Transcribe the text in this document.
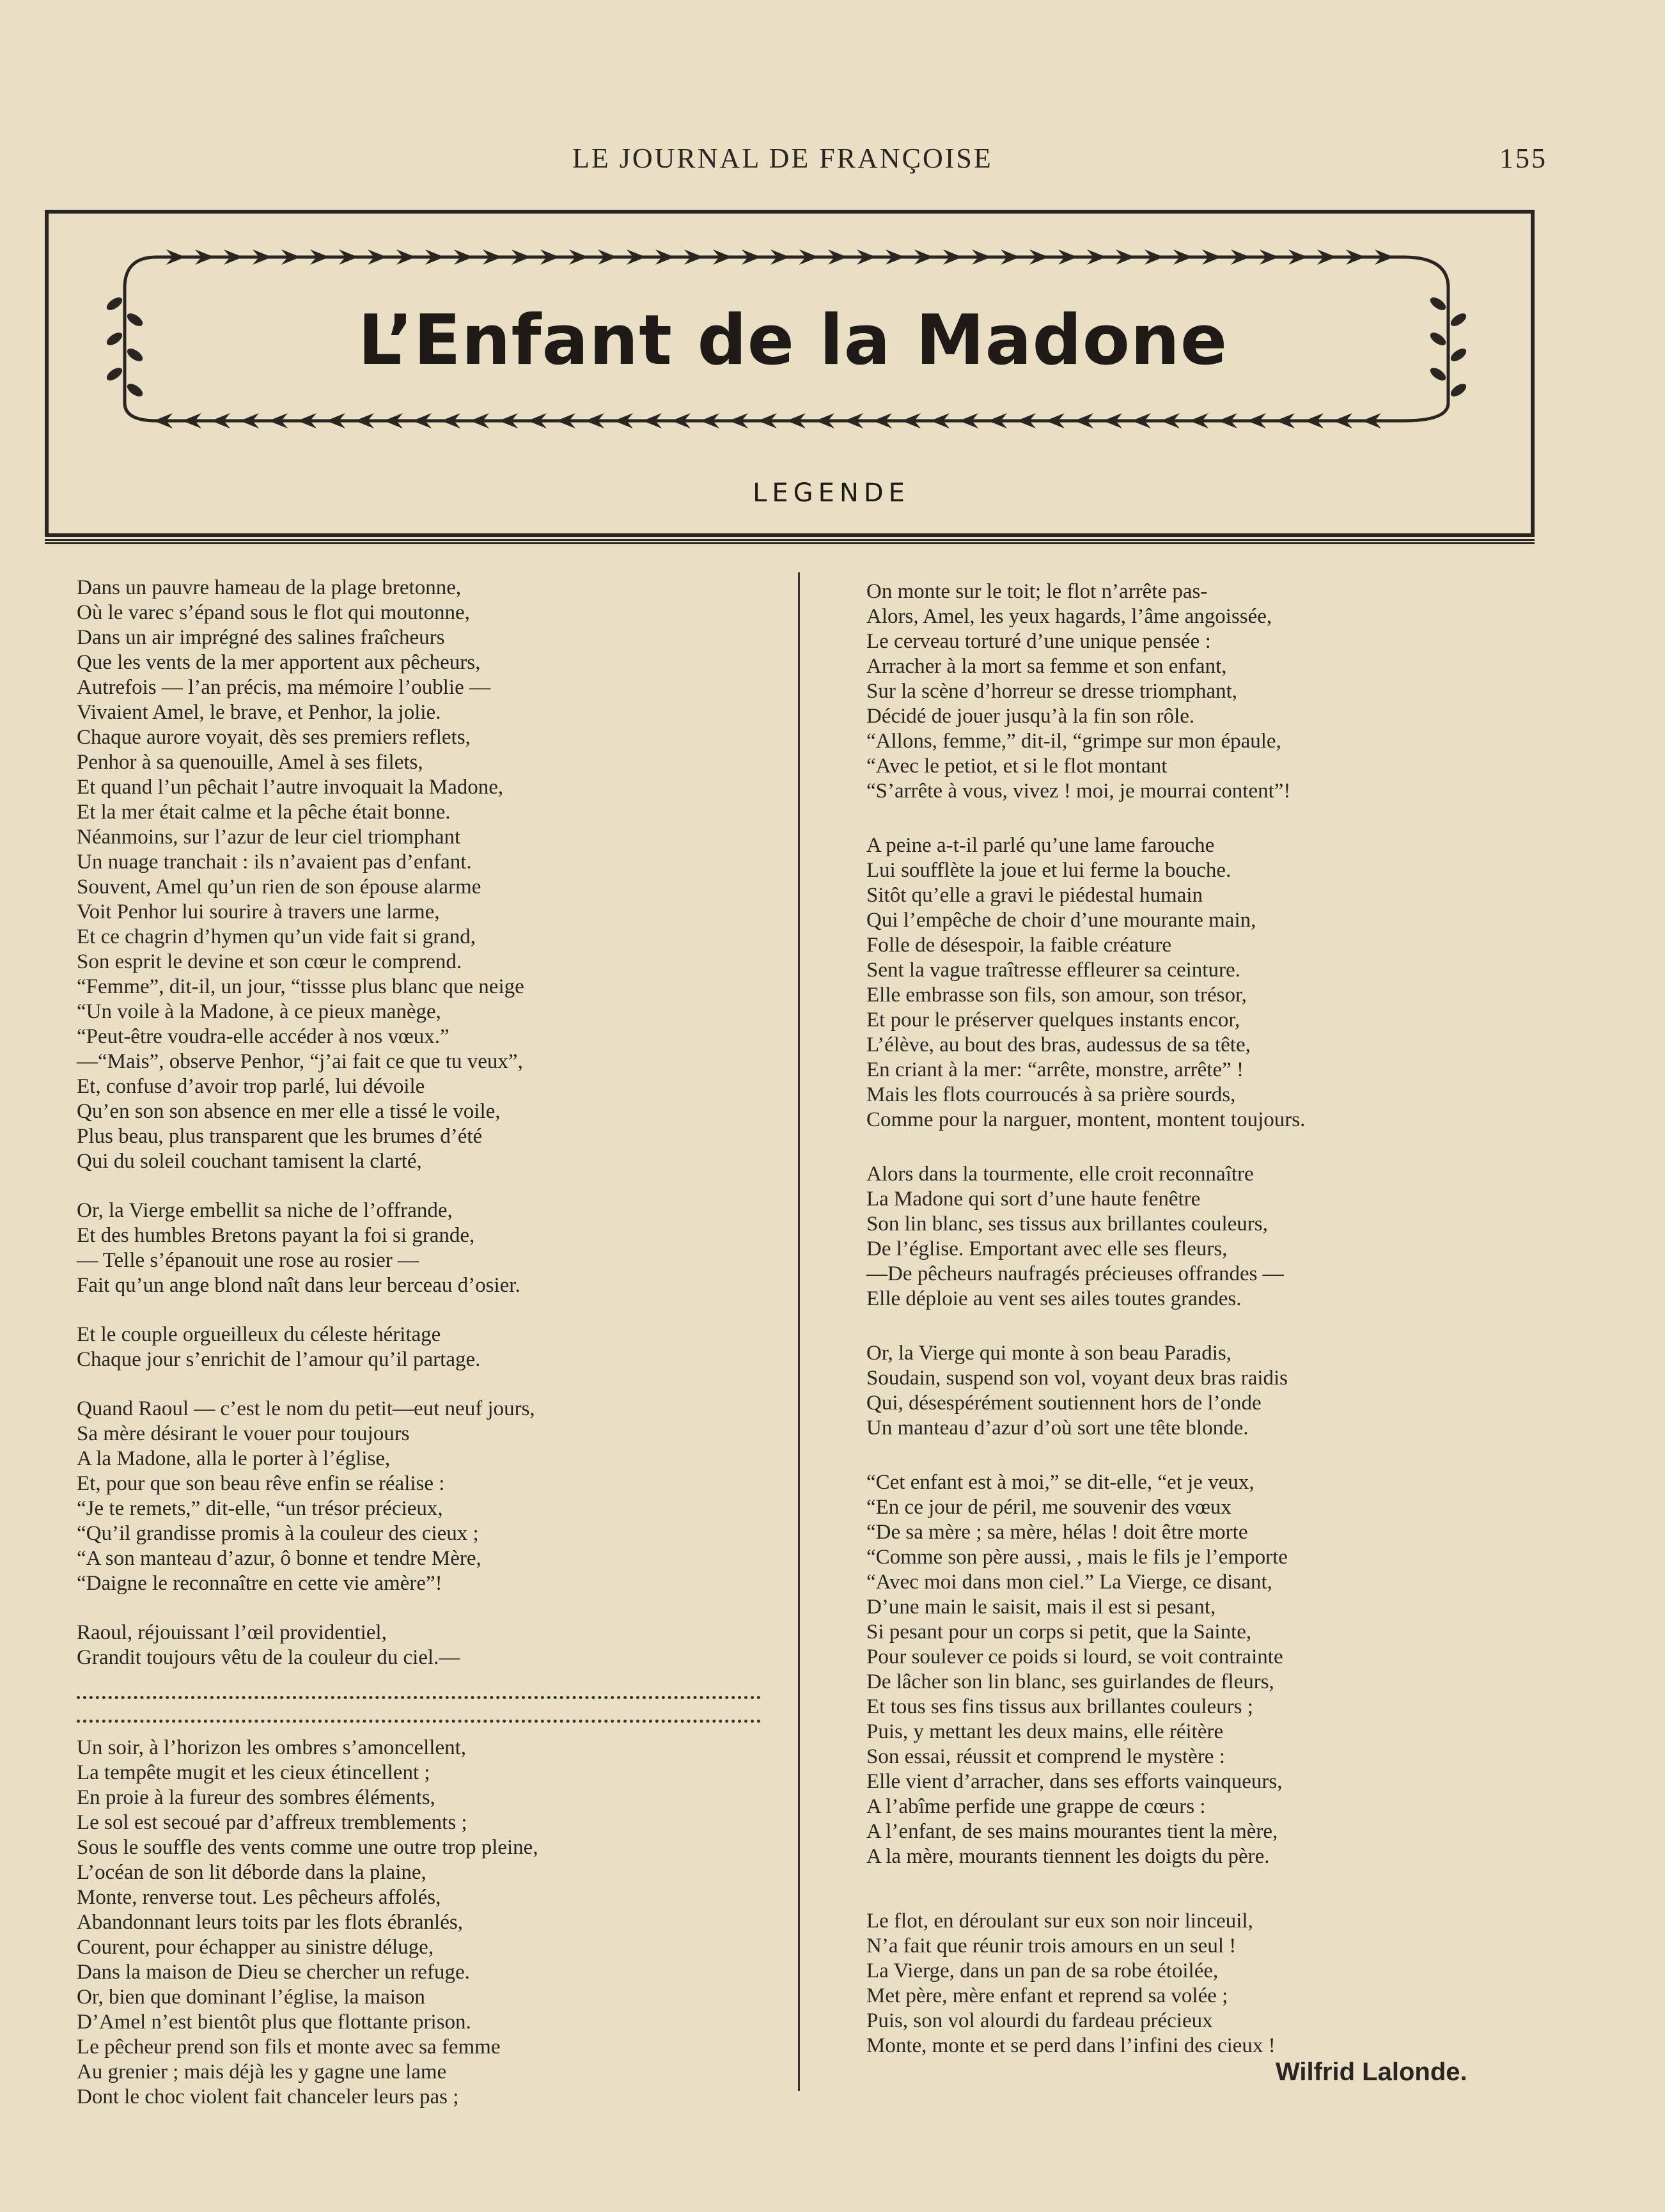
LE JOURNAL DE FRANÇOISE	155
L’Enfant de la Madone
LEGENDE
Dans un pauvre hameau de la plage bretonne,
Où le varec s’épand sous le flot qui moutonne,
Dans un air imprégné des salines fraîcheurs
Que les vents de la mer apportent aux pêcheurs,
Autrefois — l’an précis, ma mémoire l’oublie —
Vivaient Amel, le brave, et Penhor, la jolie.
Chaque aurore voyait, dès ses premiers reflets,
Penhor à sa quenouille, Amel à ses filets,
Et quand l’un pêchait l’autre invoquait la Madone,
Et la mer était calme et la pêche était bonne.
Néanmoins, sur l’azur de leur ciel triomphant
Un nuage tranchait : ils n’avaient pas d’enfant.
Souvent, Amel qu’un rien de son épouse alarme
Voit Penhor lui sourire à travers une larme,
Et ce chagrin d’hymen qu’un vide fait si grand,
Son esprit le devine et son cœur le comprend.
“Femme”, dit-il, un jour, “tissse plus blanc que neige
“Un voile à la Madone, à ce pieux manège,
“Peut-être voudra-elle accéder à nos vœux.”
—“Mais”, observe Penhor, “j’ai fait ce que tu veux”,
Et, confuse d’avoir trop parlé, lui dévoile
Qu’en son son absence en mer elle a tissé le voile,
Plus beau, plus transparent que les brumes d’été
Qui du soleil couchant tamisent la clarté,
Or, la Vierge embellit sa niche de l’offrande,
Et des humbles Bretons payant la foi si grande,
— Telle s’épanouit une rose au rosier —
Fait qu’un ange blond naît dans leur berceau d’osier.
Et le couple orgueilleux du céleste héritage
Chaque jour s’enrichit de l’amour qu’il partage.
Quand Raoul — c’est le nom du petit—eut neuf jours,
Sa mère désirant le vouer pour toujours
A la Madone, alla le porter à l’église,
Et, pour que son beau rêve enfin se réalise :
“Je te remets,” dit-elle, “un trésor précieux,
“Qu’il grandisse promis à la couleur des cieux ;
“A son manteau d’azur, ô bonne et tendre Mère,
“Daigne le reconnaître en cette vie amère”!
Raoul, réjouissant l’œil providentiel,
Grandit toujours vêtu de la couleur du ciel.—
Un soir, à l’horizon les ombres s’amoncellent,
La tempête mugit et les cieux étincellent ;
En proie à la fureur des sombres éléments,
Le sol est secoué par d’affreux tremblements ;
Sous le souffle des vents comme une outre trop pleine,
L’océan de son lit déborde dans la plaine,
Monte, renverse tout. Les pêcheurs affolés,
Abandonnant leurs toits par les flots ébranlés,
Courent, pour échapper au sinistre déluge,
Dans la maison de Dieu se chercher un refuge.
Or, bien que dominant l’église, la maison
D’Amel n’est bientôt plus que flottante prison.
Le pêcheur prend son fils et monte avec sa femme
Au grenier ; mais déjà les y gagne une lame
Dont le choc violent fait chanceler leurs pas ;
On monte sur le toit; le flot n’arrête pas-
Alors, Amel, les yeux hagards, l’âme angoissée,
Le cerveau torturé d’une unique pensée :
Arracher à la mort sa femme et son enfant,
Sur la scène d’horreur se dresse triomphant,
Décidé de jouer jusqu’à la fin son rôle.
“Allons, femme,” dit-il, “grimpe sur mon épaule,
“Avec le petiot, et si le flot montant
“S’arrête à vous, vivez ! moi, je mourrai content”!
A peine a-t-il parlé qu’une lame farouche
Lui soufflète la joue et lui ferme la bouche.
Sitôt qu’elle a gravi le piédestal humain
Qui l’empêche de choir d’une mourante main,
Folle de désespoir, la faible créature
Sent la vague traîtresse effleurer sa ceinture.
Elle embrasse son fils, son amour, son trésor,
Et pour le préserver quelques instants encor,
L’élève, au bout des bras, audessus de sa tête,
En criant à la mer: “arrête, monstre, arrête” !
Mais les flots courroucés à sa prière sourds,
Comme pour la narguer, montent, montent toujours.
Alors dans la tourmente, elle croit reconnaître
La Madone qui sort d’une haute fenêtre
Son lin blanc, ses tissus aux brillantes couleurs,
De l’église. Emportant avec elle ses fleurs,
—De pêcheurs naufragés précieuses offrandes —
Elle déploie au vent ses ailes toutes grandes.
Or, la Vierge qui monte à son beau Paradis,
Soudain, suspend son vol, voyant deux bras raidis
Qui, désespérément soutiennent hors de l’onde
Un manteau d’azur d’où sort une tête blonde.
“Cet enfant est à moi,” se dit-elle, “et je veux,
“En ce jour de péril, me souvenir des vœux
“De sa mère ; sa mère, hélas ! doit être morte
“Comme son père aussi, , mais le fils je l’emporte
“Avec moi dans mon ciel.” La Vierge, ce disant,
D’une main le saisit, mais il est si pesant,
Si pesant pour un corps si petit, que la Sainte,
Pour soulever ce poids si lourd, se voit contrainte
De lâcher son lin blanc, ses guirlandes de fleurs,
Et tous ses fins tissus aux brillantes couleurs ;
Puis, y mettant les deux mains, elle réitère
Son essai, réussit et comprend le mystère :
Elle vient d’arracher, dans ses efforts vainqueurs,
A l’abîme perfide une grappe de cœurs :
A l’enfant, de ses mains mourantes tient la mère,
A la mère, mourants tiennent les doigts du père.
Le flot, en déroulant sur eux son noir linceuil,
N’a fait que réunir trois amours en un seul !
La Vierge, dans un pan de sa robe étoilée,
Met père, mère enfant et reprend sa volée ;
Puis, son vol alourdi du fardeau précieux
Monte, monte et se perd dans l’infini des cieux !
Wilfrid Lalonde.
